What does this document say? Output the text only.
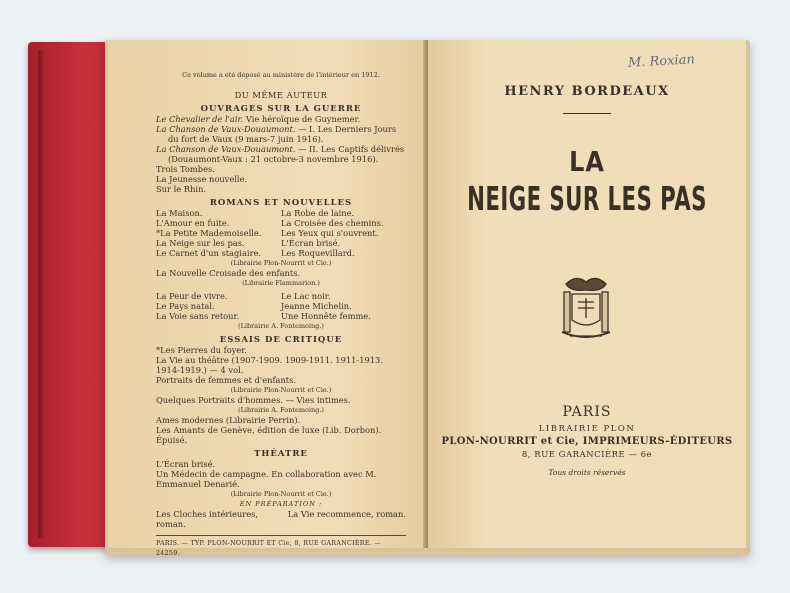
Ce volume a été déposé au ministère de l'intérieur en 1912.
DU MÊME AUTEUR
OUVRAGES SUR LA GUERRE
Le Chevalier de l'air. Vie héroïque de Guynemer.
La Chanson de Vaux-Douaumont. — I. Les Derniers Jours
du fort de Vaux (9 mars-7 juin 1916).
La Chanson de Vaux-Douaumont. — II. Les Captifs délivrés
(Douaumont-Vaux : 21 octobre-3 novembre 1916).
Trois Tombes.
La Jeunesse nouvelle.
Sur le Rhin.
ROMANS ET NOUVELLES
La Maison.
L'Amour en fuite.
*La Petite Mademoiselle.
La Neige sur les pas.
Le Carnet d'un stagiaire.
La Robe de laine.
La Croisée des chemins.
Les Yeux qui s'ouvrent.
L'Écran brisé.
Les Roquevillard.
(Librairie Plon-Nourrit et Cie.)
La Nouvelle Croisade des enfants.
(Librairie Flammarion.)
La Peur de vivre.
Le Pays natal.
La Voie sans retour.
Le Lac noir.
Jeanne Michelin.
Une Honnête femme.
(Librairie A. Fontemoing.)
ESSAIS DE CRITIQUE
*Les Pierres du foyer.
La Vie au théâtre (1907-1909. 1909-1911. 1911-1913. 1914-1919.) — 4 vol.
Portraits de femmes et d'enfants.
(Librairie Plon-Nourrit et Cie.)
Quelques Portraits d'hommes. — Vies intimes.
(Librairie A. Fontemoing.)
Ames modernes (Librairie Perrin).
Les Amants de Genève, édition de luxe (Lib. Dorbon). Épuisé.
THÉATRE
L'Écran brisé.
Un Médecin de campagne. En collaboration avec M. Emmanuel Denarié.
(Librairie Plon-Nourrit et Cie.)
EN PRÉPARATION :
Les Cloches intérieures, roman.
La Vie recommence, roman.
PARIS. — TYP. PLON-NOURRIT ET Cie, 8, RUE GARANCIÈRE. — 24259.
M. Roxian
HENRY BORDEAUX
LA
NEIGE SUR LES PAS
PARIS
LIBRAIRIE PLON
PLON-NOURRIT et Cie, IMPRIMEURS-ÉDITEURS
8, RUE GARANCIÈRE — 6e
Tous droits réservés
